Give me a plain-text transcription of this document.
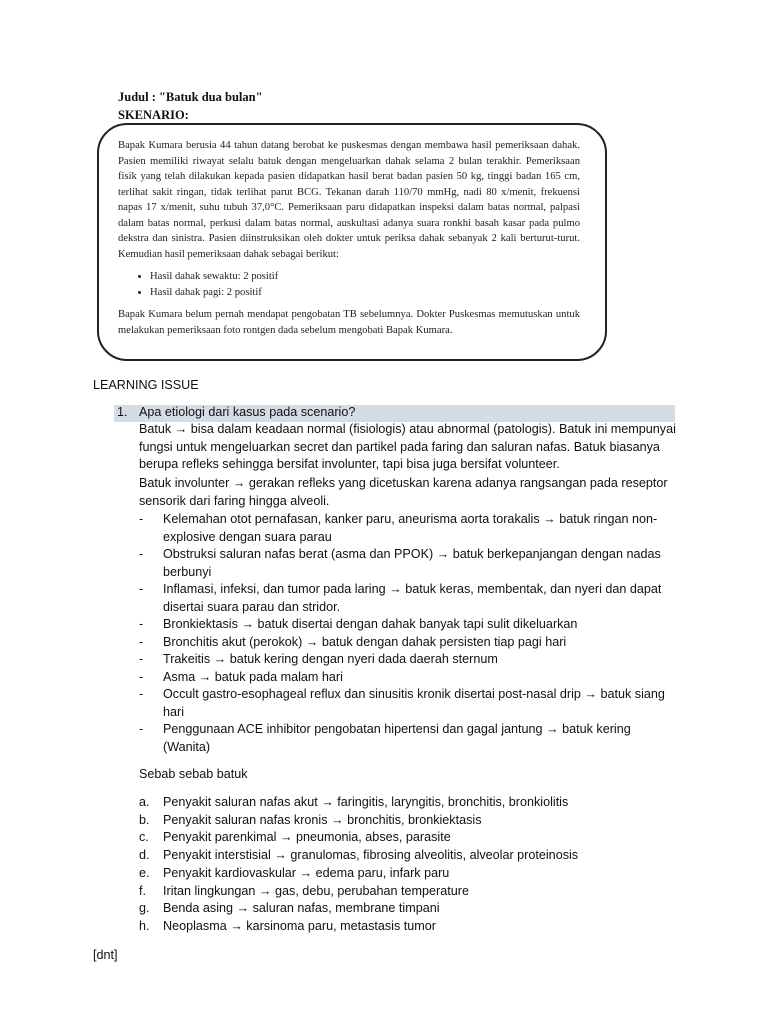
Judul : "Batuk dua bulan"
SKENARIO:

Bapak Kumara berusia 44 tahun datang berobat ke puskesmas dengan membawa hasil pemeriksaan dahak. Pasien memiliki riwayat selalu batuk dengan mengeluarkan dahak selama 2 bulan terakhir. Pemeriksaan fisik yang telah dilakukan kepada pasien didapatkan hasil berat badan pasien 50 kg, tinggi badan 165 cm, terlihat sakit ringan, tidak terlihat parut BCG. Tekanan darah 110/70 mmHg, nadi 80 x/menit, frekuensi napas 17 x/menit, suhu tubuh 37,0°C. Pemeriksaan paru didapatkan inspeksi dalam batas normal, palpasi dalam batas normal, perkusi dalam batas normal, auskultasi adanya suara ronkhi basah kasar pada pulmo dekstra dan sinistra. Pasien diinstruksikan oleh dokter untuk periksa dahak sebanyak 2 kali berturut-turut. Kemudian hasil pemeriksaan dahak sebagai berikut:

• Hasil dahak sewaktu: 2 positif
• Hasil dahak pagi: 2 positif

Bapak Kumara belum pernah mendapat pengobatan TB sebelumnya. Dokter Puskesmas memutuskan untuk melakukan pemeriksaan foto rontgen dada sebelum mengobati Bapak Kumara.

LEARNING ISSUE
1. Apa etiologi dari kasus pada scenario?
Batuk → bisa dalam keadaan normal (fisiologis) atau abnormal (patologis). Batuk ini mempunyai fungsi untuk mengeluarkan secret dan partikel pada faring dan saluran nafas. Batuk biasanya berupa refleks sehingga bersifat involunter, tapi bisa juga bersifat volunteer.
Batuk involunter → gerakan refleks yang dicetuskan karena adanya rangsangan pada reseptor sensorik dari faring hingga alveoli.
-	Kelemahan otot pernafasan, kanker paru, aneurisma aorta torakalis → batuk ringan non-explosive dengan suara parau
-	Obstruksi saluran nafas berat (asma dan PPOK) → batuk berkepanjangan dengan nadas berbunyi
-	Inflamasi, infeksi, dan tumor pada laring → batuk keras, membentak, dan nyeri dan dapat disertai suara parau dan stridor.
-	Bronkiektasis → batuk disertai dengan dahak banyak tapi sulit dikeluarkan
-	Bronchitis akut (perokok) → batuk dengan dahak persisten tiap pagi hari
-	Trakeitis → batuk kering dengan nyeri dada daerah sternum
-	Asma → batuk pada malam hari
-	Occult gastro-esophageal reflux dan sinusitis kronik disertai post-nasal drip → batuk siang hari
-	Penggunaan ACE inhibitor pengobatan hipertensi dan gagal jantung → batuk kering (Wanita)
Sebab sebab batuk
a.	Penyakit saluran nafas akut → faringitis, laryngitis, bronchitis, bronkiolitis
b.	Penyakit saluran nafas kronis → bronchitis, bronkiektasis
c.	Penyakit parenkimal → pneumonia, abses, parasite
d.	Penyakit interstisial → granulomas, fibrosing alveolitis, alveolar proteinosis
e.	Penyakit kardiovaskular → edema paru, infark paru
f.	Iritan lingkungan → gas, debu, perubahan temperature
g.	Benda asing → saluran nafas, membrane timpani
h.	Neoplasma → karsinoma paru, metastasis tumor
[dnt]
